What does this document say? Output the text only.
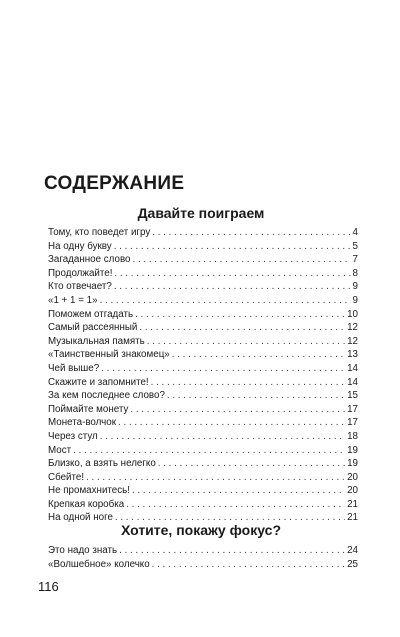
СОДЕРЖАНИЕ
Давайте поиграем
Тому, кто поведет игру . . .	4
На одну букву . . .	5
Загаданное слово . . .	7
Продолжайте! . . .	8
Кто отвечает? . . .	9
«1 + 1 = 1» . . .	9
Поможем отгадать . . .	10
Самый рассеянный . . .	12
Музыкальная память . . .	12
«Таинственный знакомец» . . .	13
Чей выше? . . .	14
Скажите и запомните! . . .	14
За кем последнее слово? . . .	15
Поймайте монету . . .	17
Монета-волчок . . .	17
Через стул . . .	18
Мост . . .	19
Близко, а взять нелегко . . .	19
Сбейте! . . .	20
Не промахнитесь! . . .	20
Крепкая коробка . . .	21
На одной ноге . . .	21
Хотите, покажу фокус?
Это надо знать . . .	24
«Волшебное» колечко . . .	25
116
